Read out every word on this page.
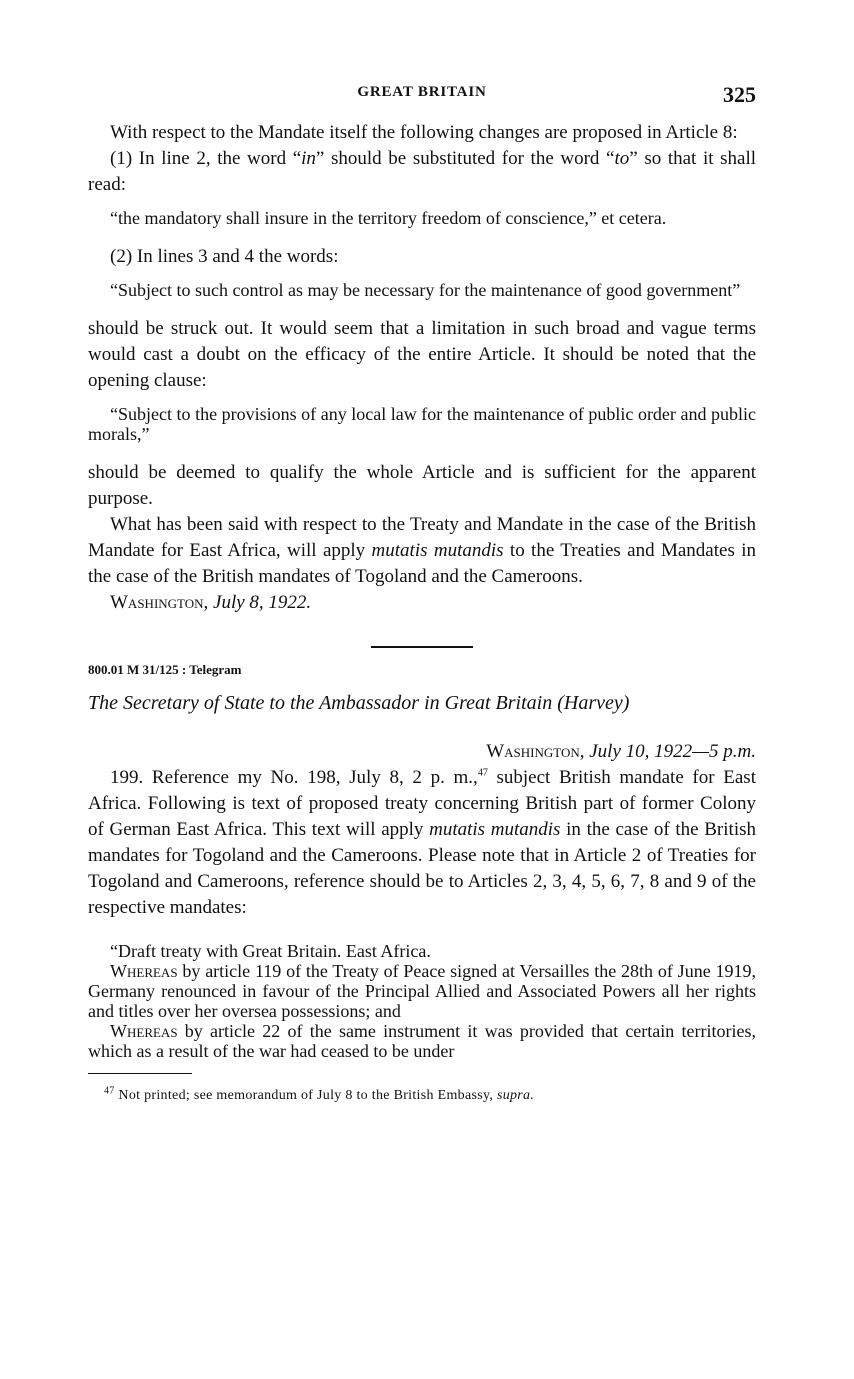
GREAT BRITAIN	325

With respect to the Mandate itself the following changes are proposed in Article 8:

(1) In line 2, the word “in” should be substituted for the word “to” so that it shall read:

“the mandatory shall insure in the territory freedom of conscience,” et cetera.

(2) In lines 3 and 4 the words:

“Subject to such control as may be necessary for the maintenance of good government”

should be struck out. It would seem that a limitation in such broad and vague terms would cast a doubt on the efficacy of the entire Article. It should be noted that the opening clause:

“Subject to the provisions of any local law for the maintenance of public order and public morals,”

should be deemed to qualify the whole Article and is sufficient for the apparent purpose.

What has been said with respect to the Treaty and Mandate in the case of the British Mandate for East Africa, will apply mutatis mutandis to the Treaties and Mandates in the case of the British mandates of Togoland and the Cameroons.

Washington, July 8, 1922.

800.01 M 31/125 : Telegram
The Secretary of State to the Ambassador in Great Britain (Harvey)
Washington, July 10, 1922—5 p.m.

199. Reference my No. 198, July 8, 2 p. m.,$^{47}$ subject British mandate for East Africa. Following is text of proposed treaty concerning British part of former Colony of German East Africa. This text will apply mutatis mutandis in the case of the British mandates for Togoland and the Cameroons. Please note that in Article 2 of Treaties for Togoland and Cameroons, reference should be to Articles 2, 3, 4, 5, 6, 7, 8 and 9 of the respective mandates:

“Draft treaty with Great Britain. East Africa.

Whereas by article 119 of the Treaty of Peace signed at Versailles the 28th of June 1919, Germany renounced in favour of the Principal Allied and Associated Powers all her rights and titles over her oversea possessions; and

Whereas by article 22 of the same instrument it was provided that certain territories, which as a result of the war had ceased to be under

$^{47}$ Not printed; see memorandum of July 8 to the British Embassy, supra.
